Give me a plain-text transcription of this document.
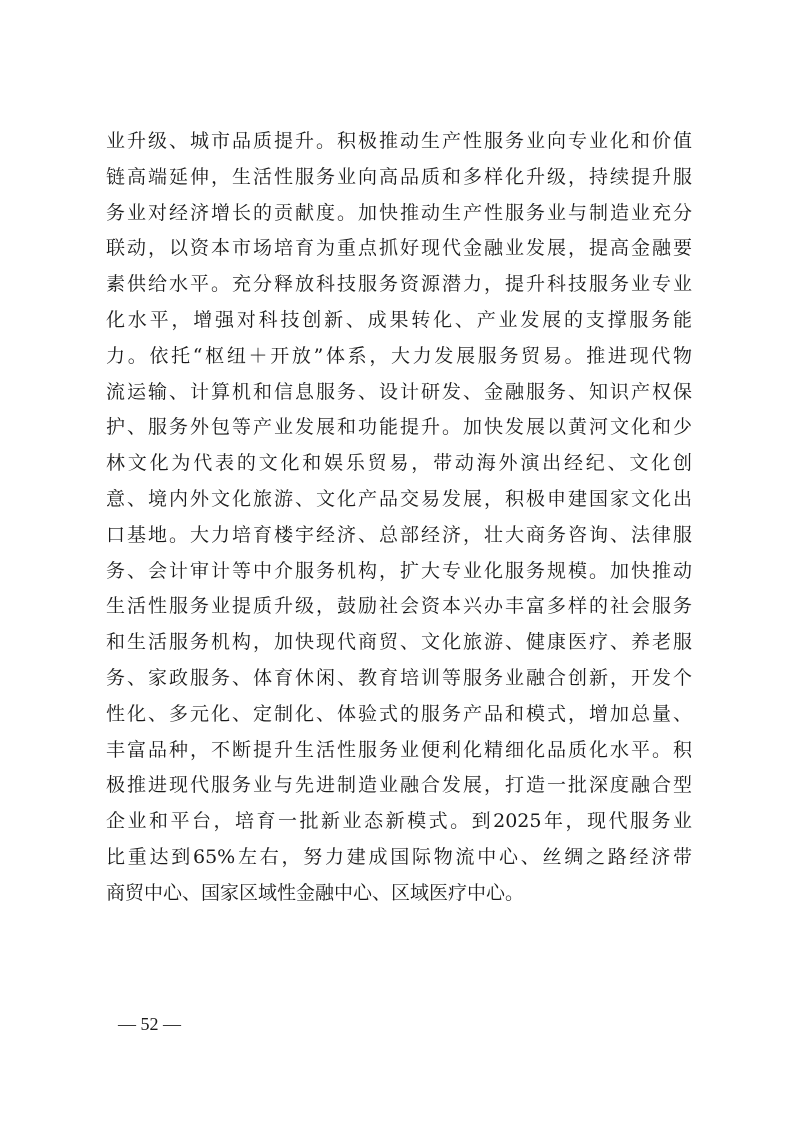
业升级、城市品质提升。积极推动生产性服务业向专业化和价值
链高端延伸，生活性服务业向高品质和多样化升级，持续提升服
务业对经济增长的贡献度。加快推动生产性服务业与制造业充分
联动，以资本市场培育为重点抓好现代金融业发展，提高金融要
素供给水平。充分释放科技服务资源潜力，提升科技服务业专业
化水平，增强对科技创新、成果转化、产业发展的支撑服务能
力。依托“枢纽＋开放”体系，大力发展服务贸易。推进现代物
流运输、计算机和信息服务、设计研发、金融服务、知识产权保
护、服务外包等产业发展和功能提升。加快发展以黄河文化和少
林文化为代表的文化和娱乐贸易，带动海外演出经纪、文化创
意、境内外文化旅游、文化产品交易发展，积极申建国家文化出
口基地。大力培育楼宇经济、总部经济，壮大商务咨询、法律服
务、会计审计等中介服务机构，扩大专业化服务规模。加快推动
生活性服务业提质升级，鼓励社会资本兴办丰富多样的社会服务
和生活服务机构，加快现代商贸、文化旅游、健康医疗、养老服
务、家政服务、体育休闲、教育培训等服务业融合创新，开发个
性化、多元化、定制化、体验式的服务产品和模式，增加总量、
丰富品种，不断提升生活性服务业便利化精细化品质化水平。积
极推进现代服务业与先进制造业融合发展，打造一批深度融合型
企业和平台，培育一批新业态新模式。到2025年，现代服务业
比重达到65%左右，努力建成国际物流中心、丝绸之路经济带
商贸中心、国家区域性金融中心、区域医疗中心。
— 52 —
